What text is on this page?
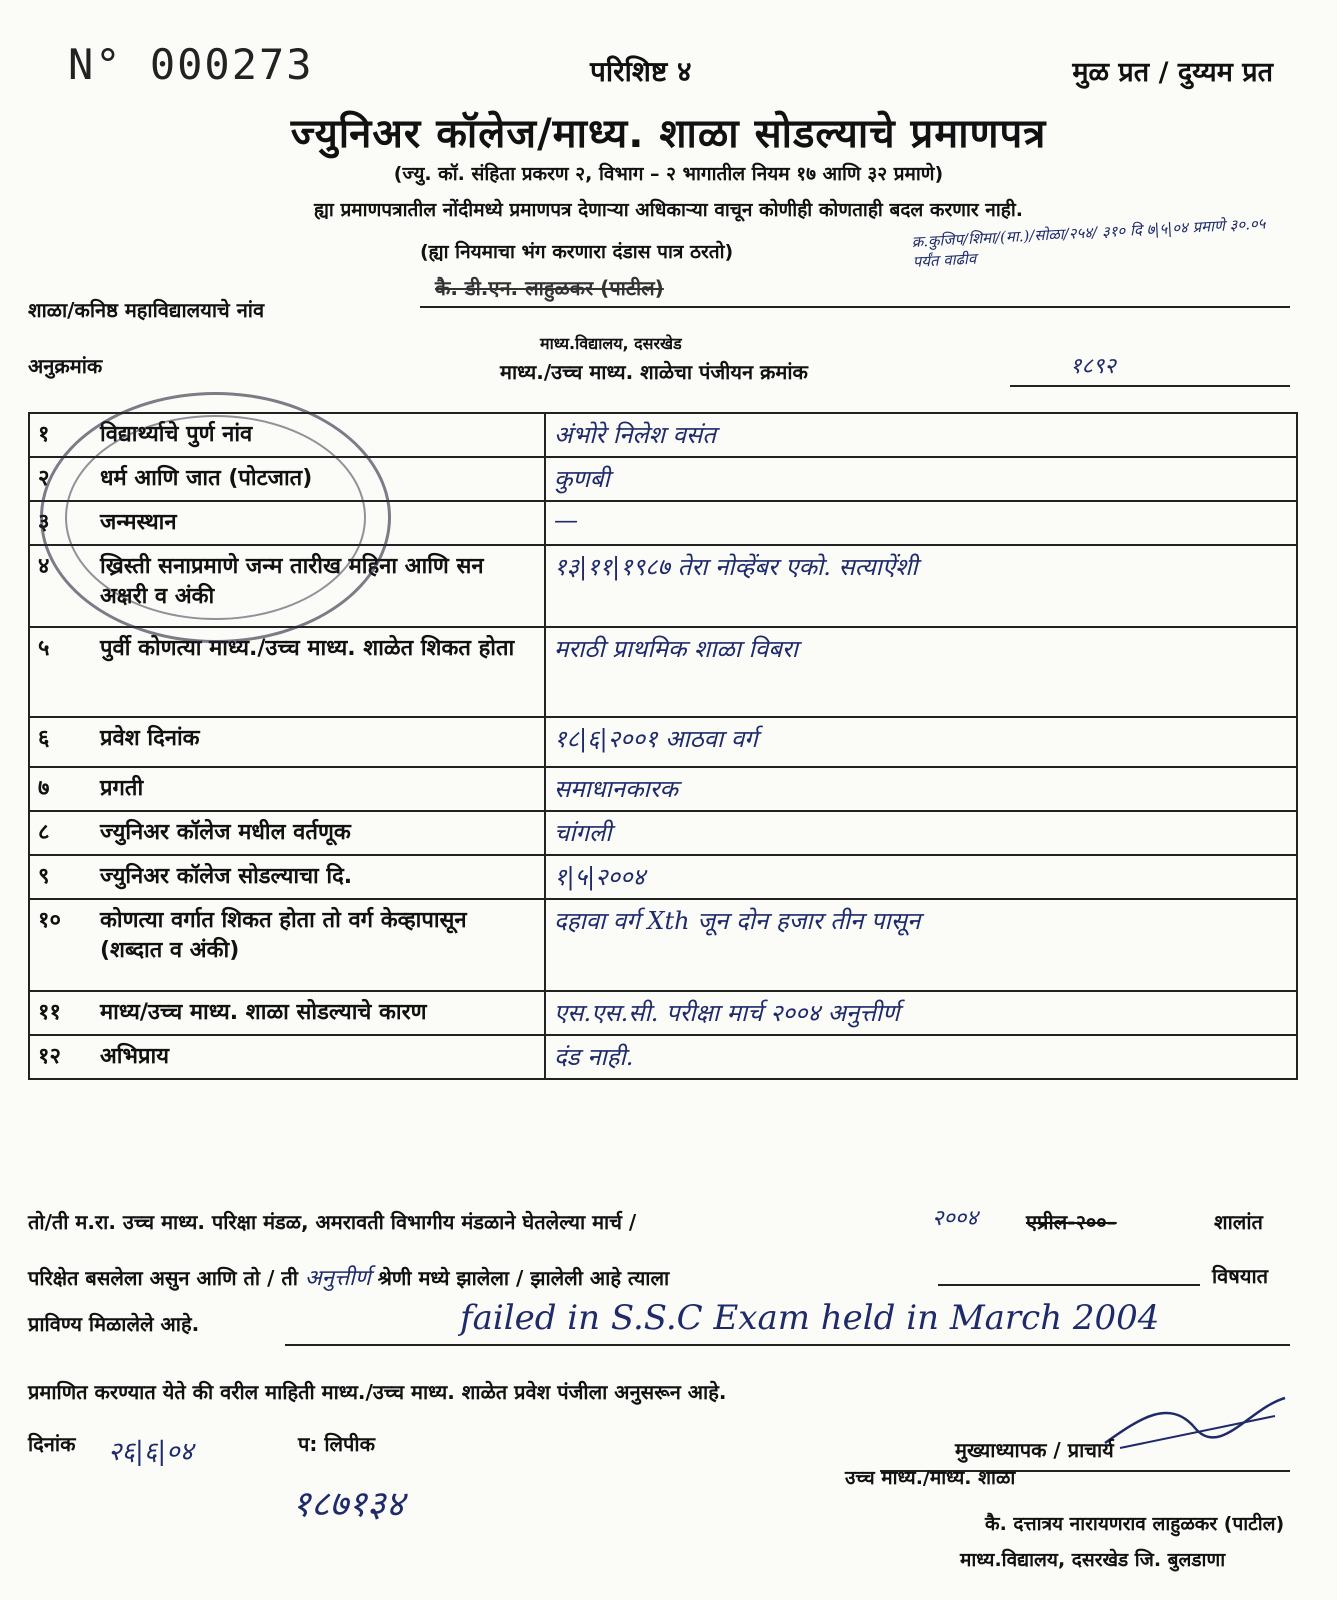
N° 000273	परिशिष्ट ४	मुळ प्रत / दुय्यम प्रत
ज्युनिअर कॉलेज/माध्य. शाळा सोडल्याचे प्रमाणपत्र
(ज्यु. कॉ. संहिता प्रकरण २, विभाग – २ भागातील नियम १७ आणि ३२ प्रमाणे)
ह्या प्रमाणपत्रातील नोंदीमध्ये प्रमाणपत्र देणाऱ्या अधिकाऱ्या वाचून कोणीही कोणताही बदल करणार नाही.
(ह्या नियमाचा भंग करणारा दंडास पात्र ठरतो)
क्र.कुजिप/शिमा/(मा.)/सोळा/२५४/ ३१० दि ७|५|०४ प्रमाणे ३०.०५ पर्यंत वाढीव
शाळा/कनिष्ठ महाविद्यालयाचे नांव
कै. डी.एन. लाहुळकर (पाटील)
अनुक्रमांक
माध्य.विद्यालय, दसरखेड
माध्य./उच्च माध्य. शाळेचा पंजीयन क्रमांक	१८९२
१ विद्यार्थ्याचे पुर्ण नांव	अंभोरे निलेश वसंत
२ धर्म आणि जात (पोटजात)	कुणबी
३ जन्मस्थान	—
४ ख्रिस्ती सनाप्रमाणे जन्म तारीख महिना आणि सन अक्षरी व अंकी	१३|११|१९८७ तेरा नोव्हेंबर एको. सत्याऐंशी
५ पुर्वी कोणत्या माध्य./उच्च माध्य. शाळेत शिकत होता	मराठी प्राथमिक शाळा विबरा
६ प्रवेश दिनांक	१८|६|२००१ आठवा वर्ग
७ प्रगती	समाधानकारक
८ ज्युनिअर कॉलेज मधील वर्तणूक	चांगली
९ ज्युनिअर कॉलेज सोडल्याचा दि.	१|५|२००४
१० कोणत्या वर्गात शिकत होता तो वर्ग केव्हापासून (शब्दात व अंकी)	दहावा वर्ग Xth जून दोन हजार तीन पासून
११ माध्य/उच्च माध्य. शाळा सोडल्याचे कारण	एस.एस.सी. परीक्षा मार्च २००४ अनुत्तीर्ण
१२ अभिप्राय	दंड नाही.
तो/ती म.रा. उच्च माध्य. परिक्षा मंडळ, अमरावती विभागीय मंडळाने घेतलेल्या मार्च /	२००४ एप्रील-२००–	शालांत
परिक्षेत बसलेला असुन आणि तो / ती अनुत्तीर्ण श्रेणी मध्ये झालेला / झालेली आहे त्याला	विषयात
प्राविण्य मिळालेले आहे.	failed in S.S.C Exam held in March 2004
प्रमाणित करण्यात येते की वरील माहिती माध्य./उच्च माध्य. शाळेत प्रवेश पंजीला अनुसरून आहे.
दिनांक २६|६|०४	प: लिपीक
१८७१३४
मुख्याध्यापक / प्राचार्य
उच्च माध्य./माध्य. शाळा
कै. दत्तात्रय नारायणराव लाहुळकर (पाटील)
माध्य.विद्यालय, दसरखेड जि. बुलडाणा
